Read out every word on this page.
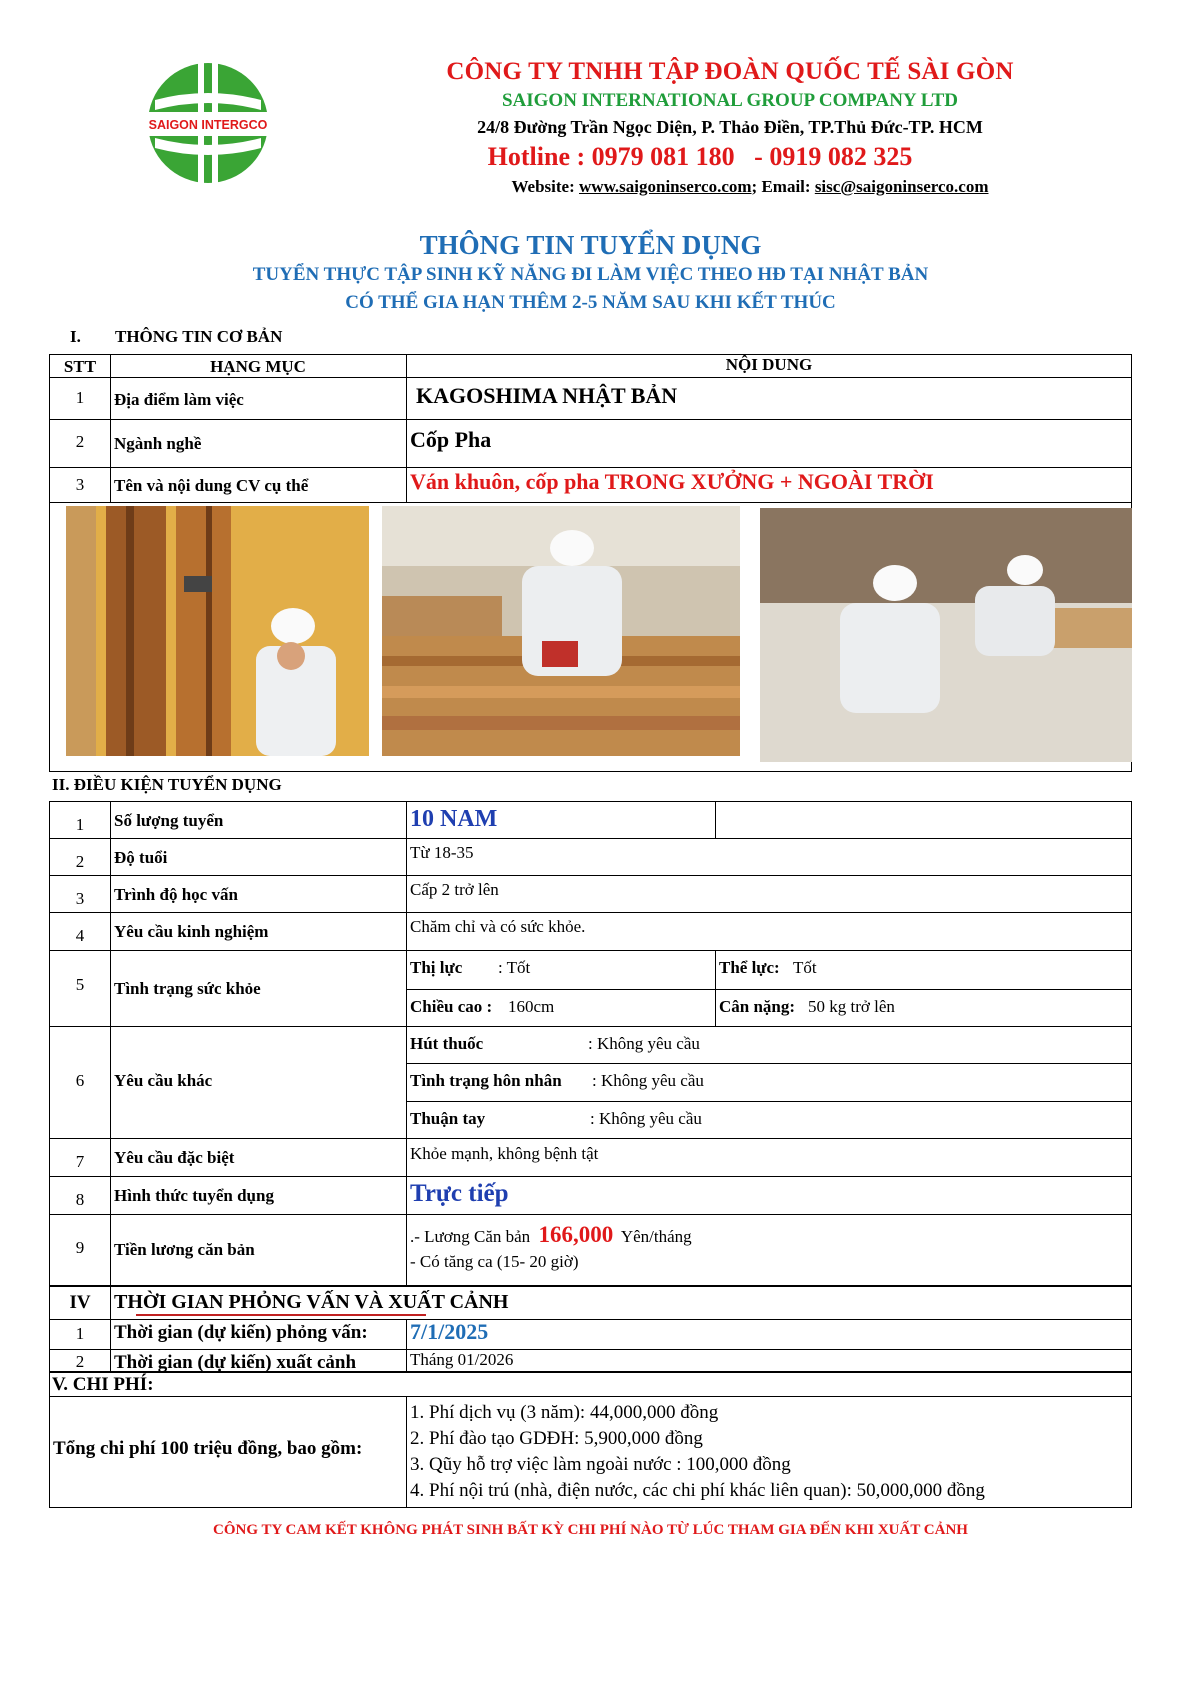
SAIGON INTERGCO
CÔNG TY TNHH TẬP ĐOÀN QUỐC TẾ SÀI GÒN
SAIGON INTERNATIONAL GROUP COMPANY LTD
24/8 Đường Trần Ngọc Diện, P. Thảo Điền, TP.Thủ Đức-TP. HCM
Hotline : 0979 081 180   - 0919 082 325
Website: www.saigoninserco.com; Email: sisc@saigoninserco.com
THÔNG TIN TUYỂN DỤNG
TUYỂN THỰC TẬP SINH KỸ NĂNG ĐI LÀM VIỆC THEO HĐ TẠI NHẬT BẢN
CÓ THỂ GIA HẠN THÊM 2-5 NĂM SAU KHI KẾT THÚC
I. THÔNG TIN CƠ BẢN
STT	HẠNG MỤC	NỘI DUNG
1	Địa điểm làm việc	KAGOSHIMA NHẬT BẢN
2	Ngành nghề	Cốp Pha
3	Tên và nội dung CV cụ thể	Ván khuôn, cốp pha TRONG XƯỞNG + NGOÀI TRỜI
II. ĐIỀU KIỆN TUYỂN DỤNG
1	Số lượng tuyển	10 NAM
2	Độ tuổi	Từ 18-35
3	Trình độ học vấn	Cấp 2 trở lên
4	Yêu cầu kinh nghiệm	Chăm chỉ và có sức khỏe.
5	Tình trạng sức khỏe
Thị lực : Tốt	Thể lực: Tốt
Chiều cao : 160cm	Cân nặng: 50 kg trở lên
6	Yêu cầu khác
Hút thuốc	: Không yêu cầu
Tình trạng hôn nhân : Không yêu cầu
Thuận tay	: Không yêu cầu
7	Yêu cầu đặc biệt	Khỏe mạnh, không bệnh tật
8	Hình thức tuyển dụng	Trực tiếp
9	Tiền lương căn bản
.- Lương Căn bản 166,000 Yên/tháng
- Có tăng ca (15- 20 giờ)
IV	THỜI GIAN PHỎNG VẤN VÀ XUẤT CẢNH
1	Thời gian (dự kiến) phỏng vấn: 7/1/2025
2	Thời gian (dự kiến) xuất cảnh	Tháng 01/2026
V. CHI PHÍ:
Tổng chi phí 100 triệu đồng, bao gồm:
1. Phí dịch vụ (3 năm): 44,000,000 đồng
2. Phí đào tạo GDĐH: 5,900,000 đồng
3. Qũy hỗ trợ việc làm ngoài nước : 100,000 đồng
4. Phí nội trú (nhà, điện nước, các chi phí khác liên quan): 50,000,000 đồng
CÔNG TY CAM KẾT KHÔNG PHÁT SINH BẤT KỲ CHI PHÍ NÀO TỪ LÚC THAM GIA ĐẾN KHI XUẤT CẢNH
